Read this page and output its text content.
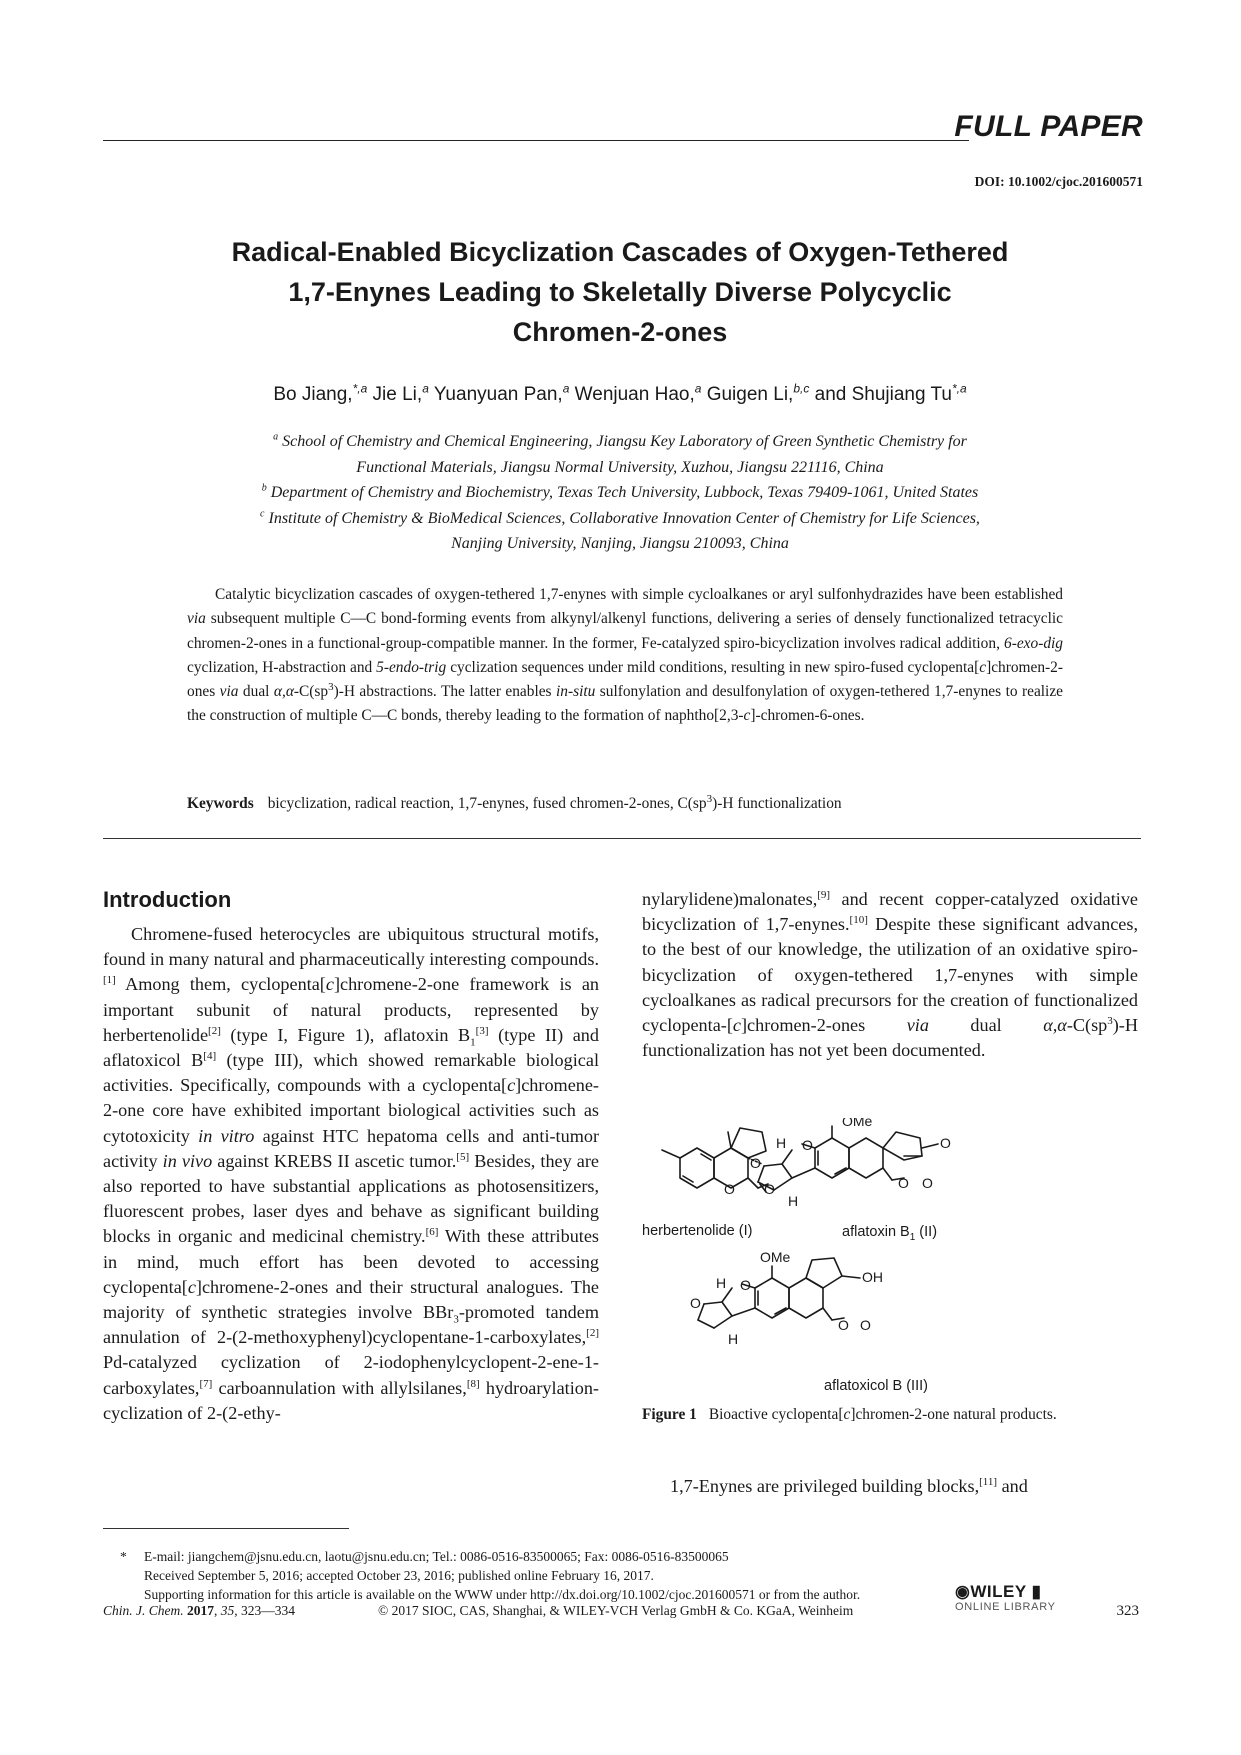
FULL PAPER
DOI: 10.1002/cjoc.201600571
Radical-Enabled Bicyclization Cascades of Oxygen-Tethered
1,7-Enynes Leading to Skeletally Diverse Polycyclic
Chromen-2-ones
Bo Jiang,$^{*,a}$ Jie Li,$^a$ Yuanyuan Pan,$^a$ Wenjuan Hao,$^a$ Guigen Li,$^{b,c}$ and Shujiang $Tu^{*,a}$
$^a$ School of Chemistry and Chemical Engineering, Jiangsu Key Laboratory of Green Synthetic Chemistry for
Functional Materials, Jiangsu Normal University, Xuzhou, Jiangsu 221116, China
$^b$ Department of Chemistry and Biochemistry, Texas Tech University, Lubbock, Texas 79409-1061, United States
$^c$ Institute of Chemistry & BioMedical Sciences, Collaborative Innovation Center of Chemistry for Life Sciences,
Nanjing University, Nanjing, Jiangsu 210093, China
Catalytic bicyclization cascades of oxygen-tethered 1,7-enynes with simple cycloalkanes or aryl sulfonhydrazides have been established via subsequent multiple C—C bond-forming events from alkynyl/alkenyl functions, delivering a series of densely functionalized tetracyclic chromen-2-ones in a functional-group-compatible manner. In the former, Fe-catalyzed spiro-bicyclization involves radical addition, 6-exo-dig cyclization, H-abstraction and 5-endo-trig cyclization sequences under mild conditions, resulting in new spiro-fused cyclopenta[c]chromen-2-ones via dual $\alpha,\alpha-C(sp^3)-H$ abstractions. The latter enables in-situ sulfonylation and desulfonylation of oxygen-tethered 1,7-enynes to realize the construction of multiple C—C bonds, thereby leading to the formation of naphtho[2,3-c]-chromen-6-ones.
Keywords bicyclization, radical reaction, 1,7-enynes, fused chromen-2-ones, $C(sp^3)-H$ functionalization
Introduction

Chromene-fused heterocycles are ubiquitous structural motifs, found in many natural and pharmaceutically interesting compounds.[1] Among them, cyclopenta[c]chromene-2-one framework is an important subunit of natural products, represented by herbertenolide[2] (type I, Figure 1), aflatoxin $B_1[3]$ (type II) and aflatoxicol B[4] (type III), which showed remarkable biological activities. Specifically, compounds with a cyclopenta[c]chromene-2-one core have exhibited important biological activities such as cytotoxicity in vitro against HTC hepatoma cells and anti-tumor activity in vivo against KREBS II ascetic tumor.[5] Besides, they are also reported to have substantial applications as photosensitizers, fluorescent probes, laser dyes and behave as significant building blocks in organic and medicinal chemistry.[6] With these attributes in mind, much effort has been devoted to accessing cyclopenta[c]chromene-2-ones and their structural analogues. The majority of synthetic strategies involve BBr$_3$-promoted tandem annulation of 2-(2-methoxyphenyl)cyclopentane-1-carboxylates,[2] Pd-catalyzed cyclization of 2-iodophenylcyclopent-2-ene-1-carboxylates,[7] carboannulation with allylsilanes,[8] hydroarylation-cyclization of 2-(2-ethy-

nylarylidene)malonates,[9] and recent copper-catalyzed oxidative bicyclization of 1,7-enynes.[10] Despite these significant advances, to the best of our knowledge, the utilization of an oxidative spiro-bicyclization of oxygen-tethered 1,7-enynes with simple cycloalkanes as radical precursors for the creation of functionalized cyclopenta-[c]chromen-2-ones via dual $\alpha,\alpha-C(sp^3)-H$ functionalization has not yet been documented.

O O
herbertenolide (I)
OMe
O
O O
O
O
H
H
aflatoxin $B_1$ (II)
OMe
OH
O O
O
O
H
H
aflatoxicol B (III)
Figure 1 Bioactive cyclopenta[c]chromen-2-one natural products.
1,7-Enynes are privileged building blocks,[11] and
* E-mail: jiangchem@jsnu.edu.cn, laotu@jsnu.edu.cn; Tel.: 0086-0516-83500065; Fax: 0086-0516-83500065
Received September 5, 2016; accepted October 23, 2016; published online February 16, 2017.
Supporting information for this article is available on the WWW under http://dx.doi.org/10.1002/cjoc.201600571 or from the author.
Chin. J. Chem. 2017, 35, 323—334	© 2017 SIOC, CAS, Shanghai, & WILEY-VCH Verlag GmbH & Co. KGaA, Weinheim
◉WILEY ▮
ONLINE LIBRARY	323
